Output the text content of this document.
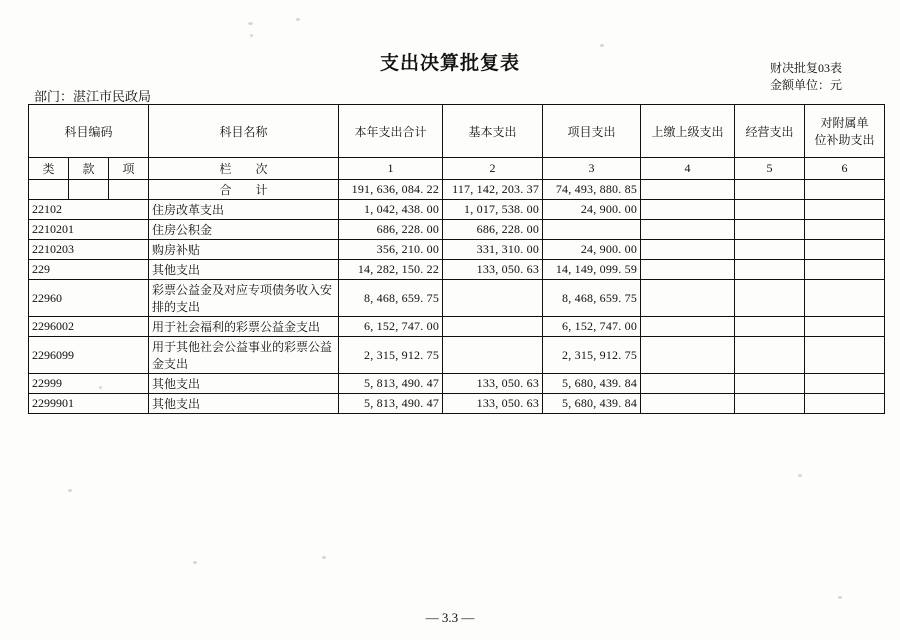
支出决算批复表	财决批复03表
金额单位：元
部门：湛江市民政局
科目编码			科目名称	本年支出合计	基本支出	项目支出	上缴上级支出	经营支出	对附属单
位补助支出

类	款	项	栏　　次	1	2	3	4	5	6
			合　　计	191, 636, 084. 22	117, 142, 203. 37	74, 493, 880. 85			
22102			住房改革支出	1, 042, 438. 00	1, 017, 538. 00	24, 900. 00			
2210201			住房公积金	686, 228. 00	686, 228. 00				
2210203			购房补贴	356, 210. 00	331, 310. 00	24, 900. 00			
229			其他支出	14, 282, 150. 22	133, 050. 63	14, 149, 099. 59			
22960			彩票公益金及对应专项债务收入安排的支出	8, 468, 659. 75		8, 468, 659. 75			
2296002			用于社会福利的彩票公益金支出	6, 152, 747. 00		6, 152, 747. 00			
2296099			用于其他社会公益事业的彩票公益金支出	2, 315, 912. 75		2, 315, 912. 75			
22999			其他支出	5, 813, 490. 47	133, 050. 63	5, 680, 439. 84			
2299901			其他支出	5, 813, 490. 47	133, 050. 63	5, 680, 439. 84			
— 3.3 —
